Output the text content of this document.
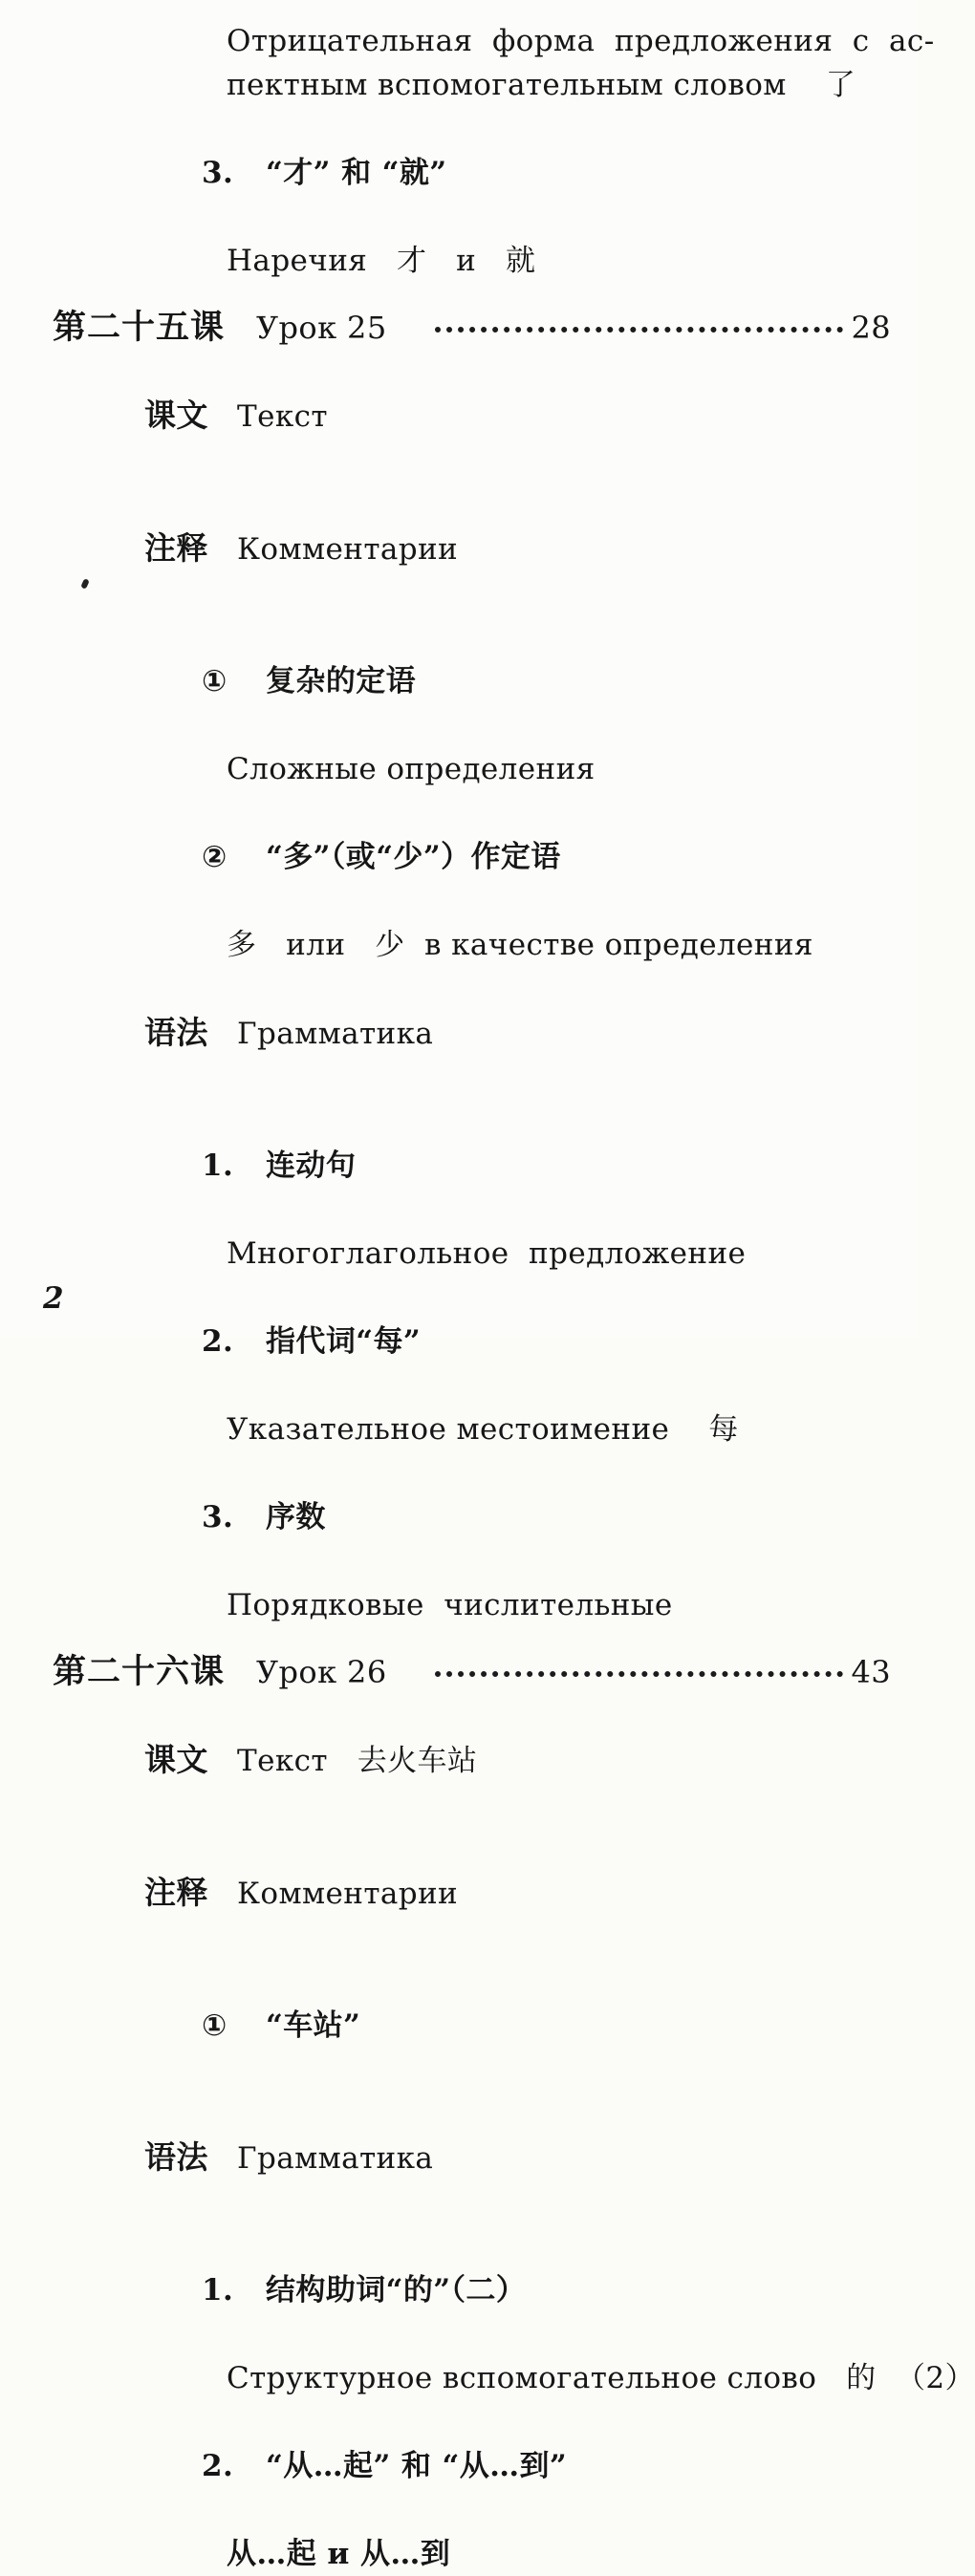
Отрицательная  форма  предложения  с  ас-
пектным вспомогательным словом    了

3. “才” 和 “就”

Наречия   才   и   就
第二十五课 Урок 25	28

课文 Текст

注释 Комментарии

① 复杂的定语

Сложные определения

② “多”（或“少”）作定语

多   или   少  в качестве определения

语法 Грамматика

1. 连动句

Многоглагольное  предложение

2. 指代词“每”

Указательное местоимение    每

3. 序数

Порядковые  числительные
第二十六课 Урок 26	43

课文 Текст   去火车站

注释 Комментарии

① “车站”

语法 Грамматика

1. 结构助词“的”（二）

Структурное вспомогательное слово   的  （2）

2. “从…起” 和 “从…到”

从…起 и 从…到
2
